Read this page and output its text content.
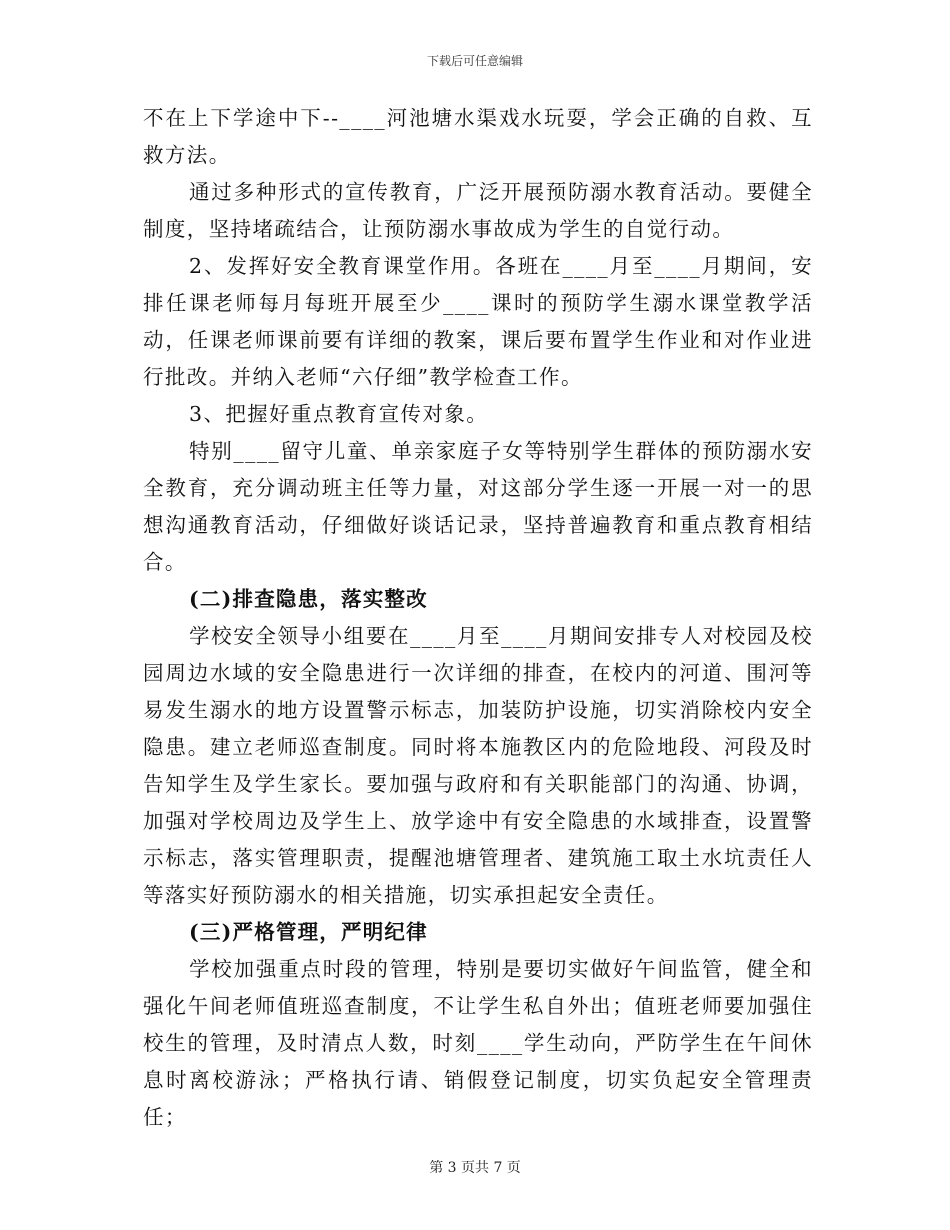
下载后可任意编辑

不在上下学途中下--____河池塘水渠戏水玩耍，学会正确的自救、互救方法。

通过多种形式的宣传教育，广泛开展预防溺水教育活动。要健全制度，坚持堵疏结合，让预防溺水事故成为学生的自觉行动。

2、发挥好安全教育课堂作用。各班在____月至____月期间，安排任课老师每月每班开展至少____课时的预防学生溺水课堂教学活动，任课老师课前要有详细的教案，课后要布置学生作业和对作业进行批改。并纳入老师“六仔细”教学检查工作。

3、把握好重点教育宣传对象。

特别____留守儿童、单亲家庭子女等特别学生群体的预防溺水安全教育，充分调动班主任等力量，对这部分学生逐一开展一对一的思想沟通教育活动，仔细做好谈话记录，坚持普遍教育和重点教育相结合。

(二)排查隐患，落实整改

学校安全领导小组要在____月至____月期间安排专人对校园及校园周边水域的安全隐患进行一次详细的排查，在校内的河道、围河等易发生溺水的地方设置警示标志，加装防护设施，切实消除校内安全隐患。建立老师巡查制度。同时将本施教区内的危险地段、河段及时告知学生及学生家长。要加强与政府和有关职能部门的沟通、协调，加强对学校周边及学生上、放学途中有安全隐患的水域排查，设置警示标志，落实管理职责，提醒池塘管理者、建筑施工取土水坑责任人等落实好预防溺水的相关措施，切实承担起安全责任。

(三)严格管理，严明纪律

学校加强重点时段的管理，特别是要切实做好午间监管，健全和强化午间老师值班巡查制度，不让学生私自外出；值班老师要加强住校生的管理，及时清点人数，时刻____学生动向，严防学生在午间休息时离校游泳；严格执行请、销假登记制度，切实负起安全管理责任；

第 3 页共 7 页
